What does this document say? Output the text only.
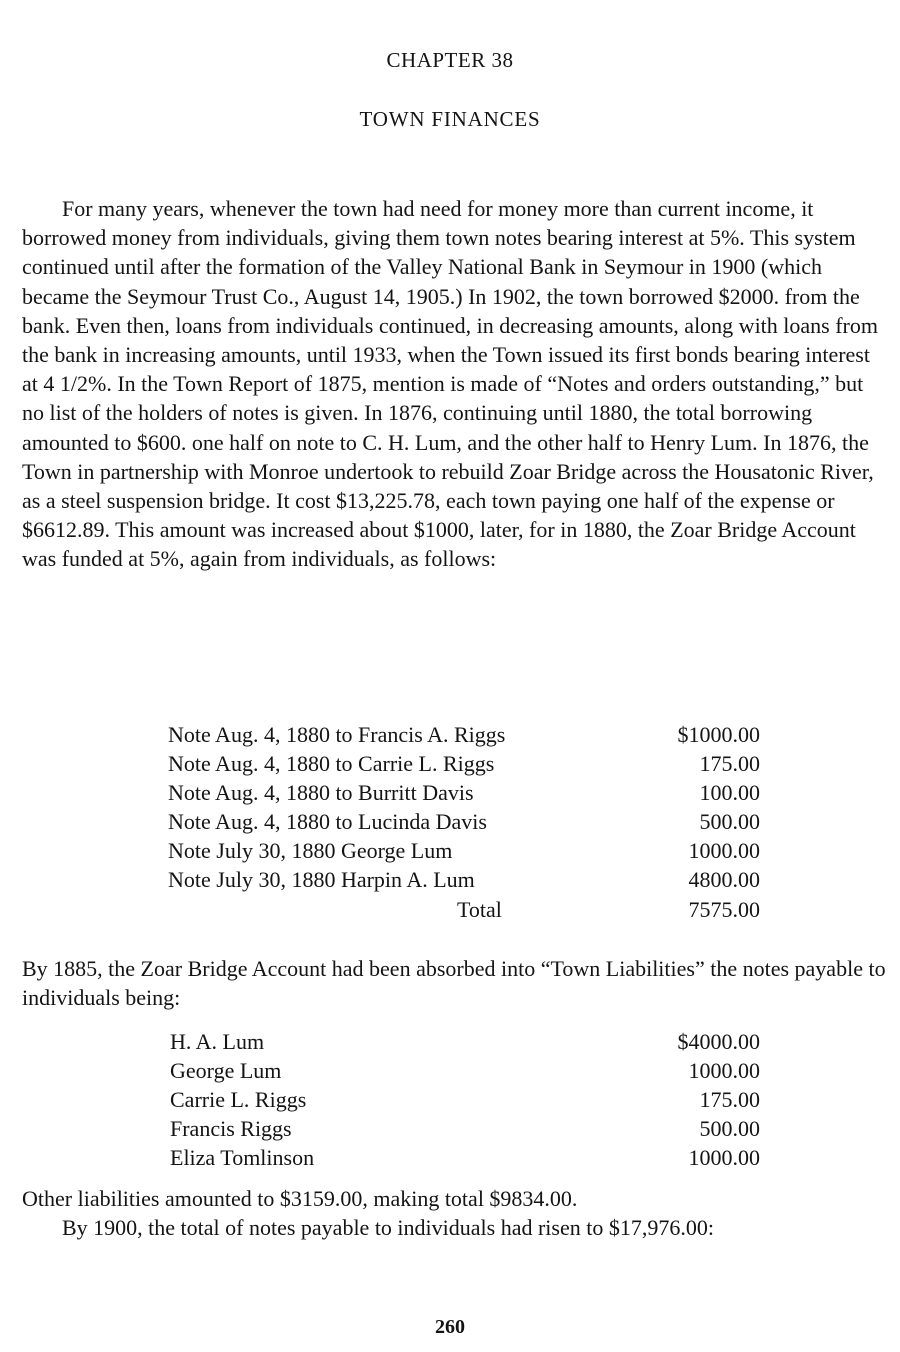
CHAPTER 38
TOWN FINANCES

For many years, whenever the town had need for money more than current income, it borrowed money from individuals, giving them town notes bearing interest at 5%. This system continued until after the formation of the Valley National Bank in Seymour in 1900 (which became the Seymour Trust Co., August 14, 1905.) In 1902, the town borrowed $2000. from the bank. Even then, loans from individuals continued, in decreasing amounts, along with loans from the bank in increasing amounts, until 1933, when the Town issued its first bonds bearing interest at 4 1/2%. In the Town Report of 1875, mention is made of “Notes and orders outstanding,” but no list of the holders of notes is given. In 1876, continuing until 1880, the total borrowing amounted to $600. one half on note to C. H. Lum, and the other half to Henry Lum. In 1876, the Town in partnership with Monroe undertook to rebuild Zoar Bridge across the Housatonic River, as a steel suspension bridge. It cost $13,225.78, each town paying one half of the expense or $6612.89. This amount was increased about $1000, later, for in 1880, the Zoar Bridge Account was funded at 5%, again from individuals, as follows:

Note Aug. 4, 1880 to Francis A. Riggs	$1000.00
Note Aug. 4, 1880 to Carrie L. Riggs	175.00
Note Aug. 4, 1880 to Burritt Davis	100.00
Note Aug. 4, 1880 to Lucinda Davis	500.00
Note July 30, 1880 George Lum	1000.00
Note July 30, 1880 Harpin A. Lum	4800.00
Total	7575.00

By 1885, the Zoar Bridge Account had been absorbed into “Town Liabilities” the notes payable to individuals being:

H. A. Lum	$4000.00
George Lum	1000.00
Carrie L. Riggs	175.00
Francis Riggs	500.00
Eliza Tomlinson	1000.00

Other liabilities amounted to $3159.00, making total $9834.00.

By 1900, the total of notes payable to individuals had risen to $17,976.00:

260
